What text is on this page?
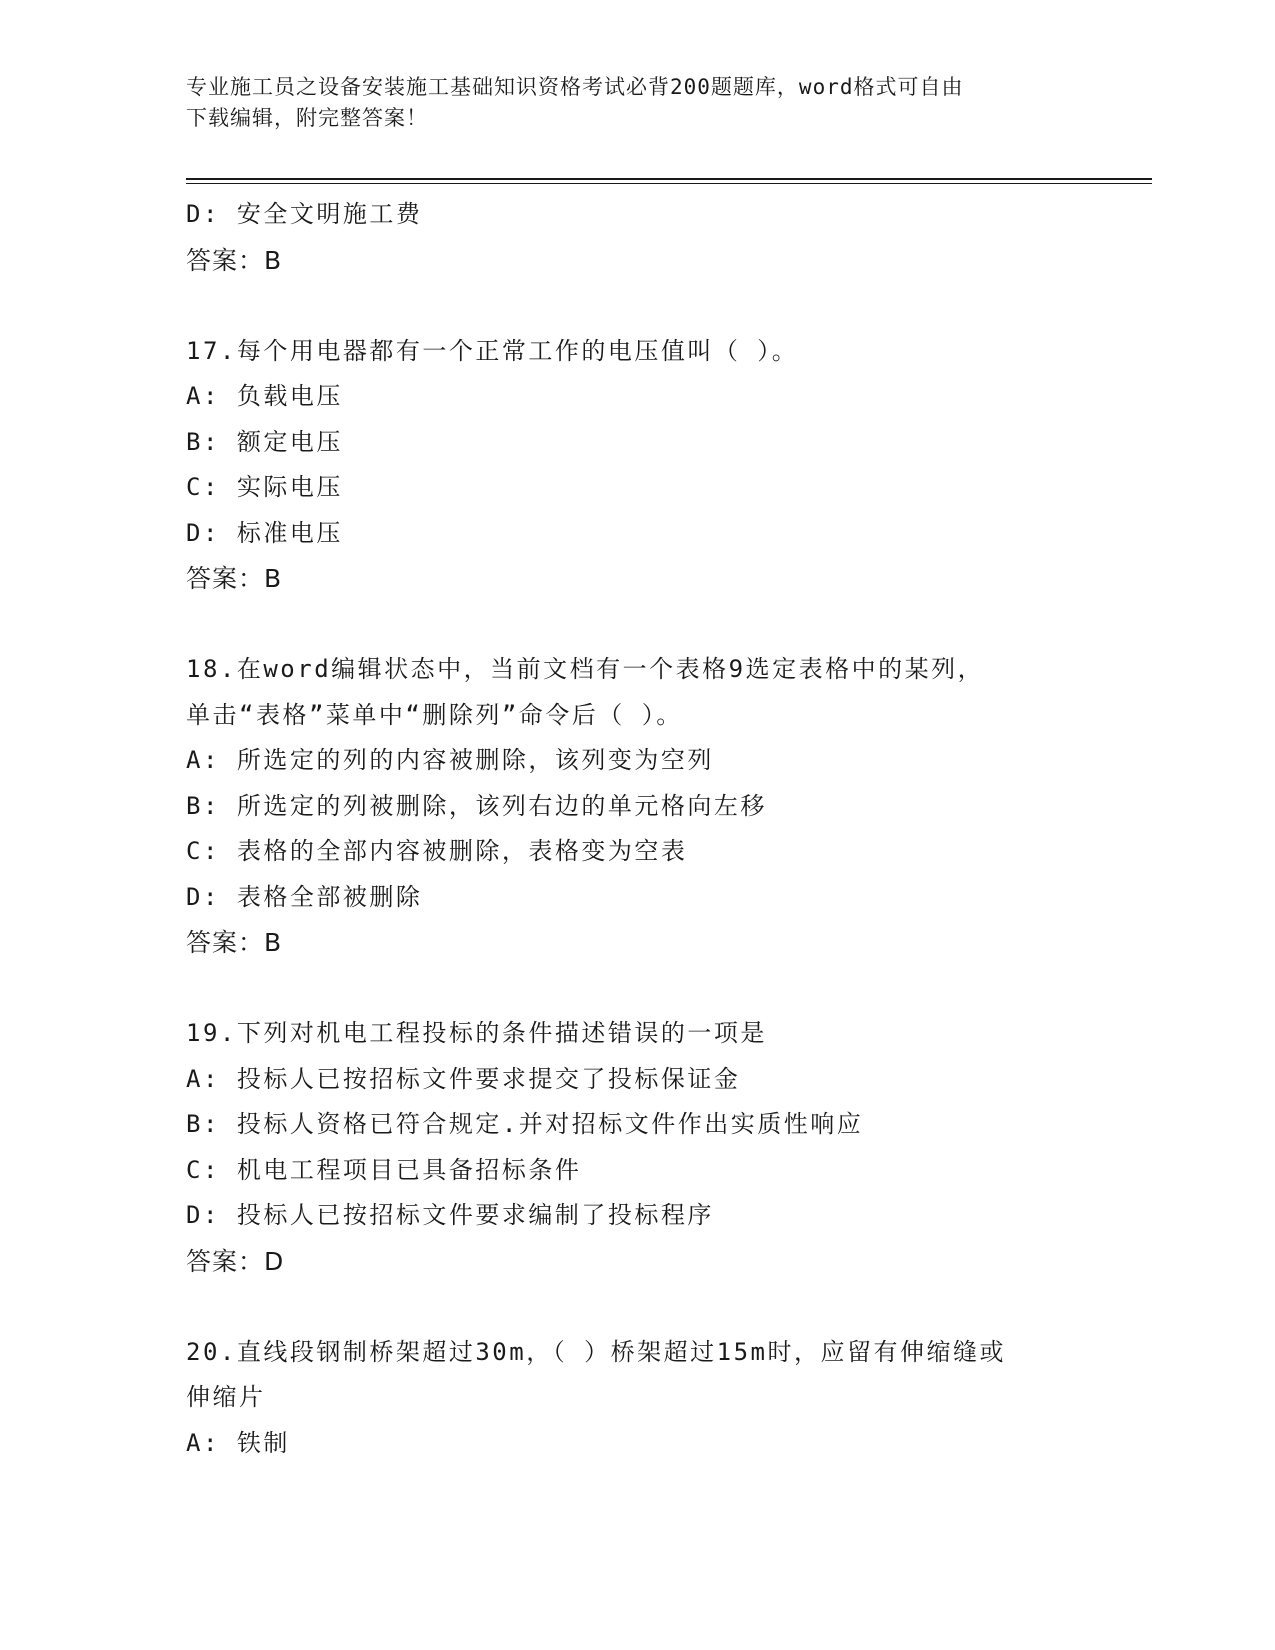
专业施工员之设备安装施工基础知识资格考试必背200题题库，word格式可自由
下载编辑，附完整答案！
D: 安全文明施工费
答案：B
17.每个用电器都有一个正常工作的电压值叫（ ）。
A: 负载电压
B: 额定电压
C: 实际电压
D: 标准电压
答案：B
18.在word编辑状态中，当前文档有一个表格9选定表格中的某列，
单击“表格”菜单中“删除列”命令后（ ）。
A: 所选定的列的内容被删除，该列变为空列
B: 所选定的列被删除，该列右边的单元格向左移
C: 表格的全部内容被删除，表格变为空表
D: 表格全部被删除
答案：B
19.下列对机电工程投标的条件描述错误的一项是
A: 投标人已按招标文件要求提交了投标保证金
B: 投标人资格已符合规定.并对招标文件作出实质性响应
C: 机电工程项目已具备招标条件
D: 投标人已按招标文件要求编制了投标程序
答案：D
20.直线段钢制桥架超过30m，（ ）桥架超过15m时，应留有伸缩缝或
伸缩片
A: 铁制
